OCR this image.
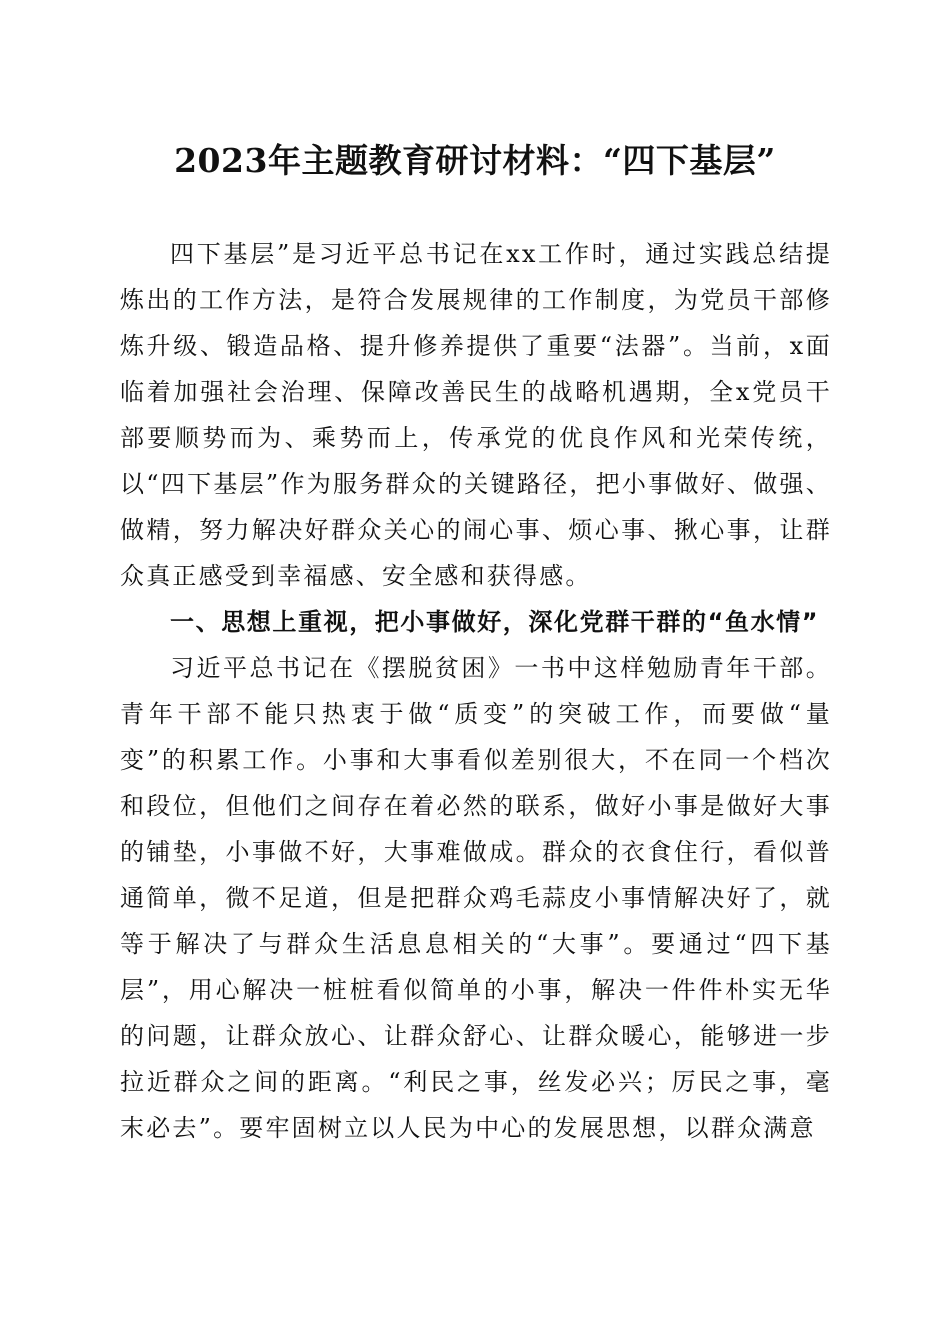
2023年主题教育研讨材料：“四下基层”

四下基层”是习近平总书记在xx工作时，通过实践总结提炼出的工作方法，是符合发展规律的工作制度，为党员干部修炼升级、锻造品格、提升修养提供了重要“法器”。当前，x面临着加强社会治理、保障改善民生的战略机遇期，全x党员干部要顺势而为、乘势而上，传承党的优良作风和光荣传统，以“四下基层”作为服务群众的关键路径，把小事做好、做强、做精，努力解决好群众关心的闹心事、烦心事、揪心事，让群众真正感受到幸福感、安全感和获得感。

一、思想上重视，把小事做好，深化党群干群的“鱼水情”

习近平总书记在《摆脱贫困》一书中这样勉励青年干部。青年干部不能只热衷于做“质变”的突破工作，而要做“量变”的积累工作。小事和大事看似差别很大，不在同一个档次和段位，但他们之间存在着必然的联系，做好小事是做好大事的铺垫，小事做不好，大事难做成。群众的衣食住行，看似普通简单，微不足道，但是把群众鸡毛蒜皮小事情解决好了，就等于解决了与群众生活息息相关的“大事”。要通过“四下基层”，用心解决一桩桩看似简单的小事，解决一件件朴实无华的问题，让群众放心、让群众舒心、让群众暖心，能够进一步拉近群众之间的距离。“利民之事，丝发必兴；厉民之事，毫末必去”。要牢固树立以人民为中心的发展思想，以群众满意
